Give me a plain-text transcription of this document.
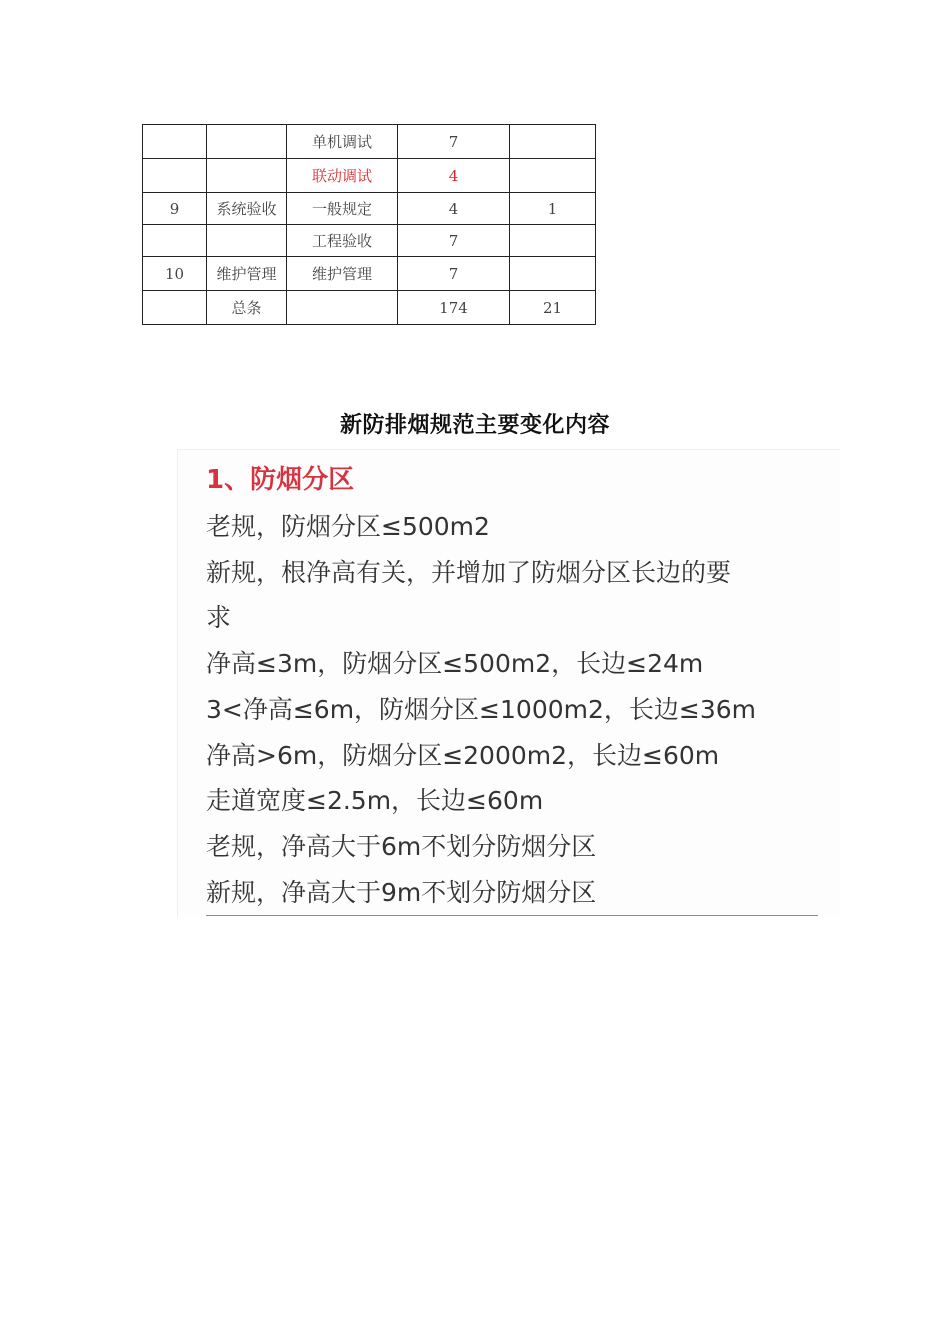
		单机调试	7	
		联动调试	4	
9	系统验收	一般规定	4	1
		工程验收	7	
10	维护管理	维护管理	7	
	总条		174	21
新防排烟规范主要变化内容
1、防烟分区
老规，防烟分区≤500m2
新规，根净高有关，并增加了防烟分区长边的要
求
净高≤3m，防烟分区≤500m2，长边≤24m
3<净高≤6m，防烟分区≤1000m2，长边≤36m
净高>6m，防烟分区≤2000m2，长边≤60m
走道宽度≤2.5m，长边≤60m
老规，净高大于6m不划分防烟分区
新规，净高大于9m不划分防烟分区
